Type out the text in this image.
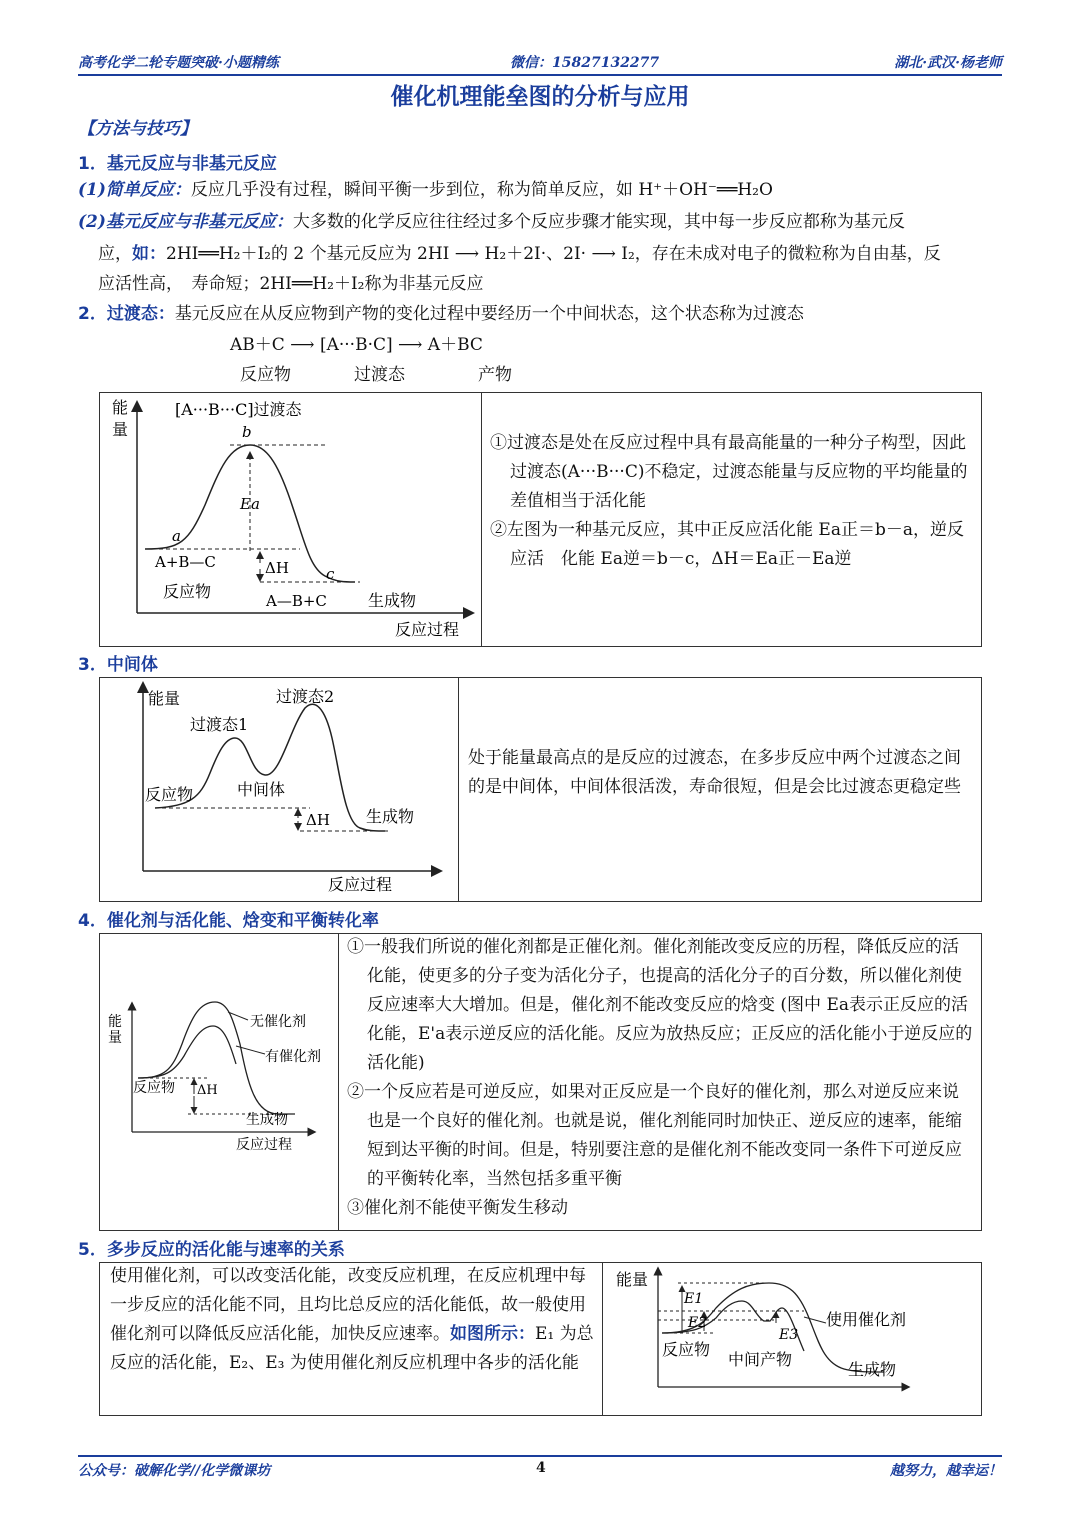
高考化学二轮专题突破·小题精练	微信：15827132277	湖北·武汉·杨老师
催化机理能垒图的分析与应用
【方法与技巧】
1．基元反应与非基元反应
(1)简单反应：反应几乎没有过程，瞬间平衡一步到位，称为简单反应，如 H⁺＋OH⁻══H₂O
(2)基元反应与非基元反应：大多数的化学反应往往经过多个反应步骤才能实现，其中每一步反应都称为基元反
应，如：2HI══H₂＋I₂的 2 个基元反应为 2HI ⟶ H₂＋2I·、2I· ⟶ I₂，存在未成对电子的微粒称为自由基，反
应活性高，　寿命短；2HI══H₂＋I₂称为非基元反应
2．过渡态：基元反应在从反应物到产物的变化过程中要经历一个中间状态，这个状态称为过渡态
AB＋C ⟶ [A···B·C] ⟶ A＋BC
反应物	过渡态	产物
能
量
反应过程
[A···B···C]过渡态
b
a
c
Ea
ΔH
A+B—C
反应物	A—B+C	生成物

①过渡态是处在反应过程中具有最高能量的一种分子构型，因此过渡态(A···B···C)不稳定，过渡态能量与反应物的平均能量的差值相当于活化能

②左图为一种基元反应，其中正反应活化能 Ea正＝b－a，逆反应活　化能 Ea逆＝b－c，ΔH＝Ea正－Ea逆

3．中间体
能量
反应过程
过渡态1
过渡态2
反应物	中间体
ΔH 生成物
处于能量最高点的是反应的过渡态，在多步反应中两个过渡态之间的是中间体，中间体很活泼，寿命很短，但是会比过渡态更稳定些
4．催化剂与活化能、焓变和平衡转化率
能
量
反应过程
无催化剂
有催化剂
反应物 ΔH
生成物

①一般我们所说的催化剂都是正催化剂。催化剂能改变反应的历程，降低反应的活化能，使更多的分子变为活化分子，也提高的活化分子的百分数，所以催化剂使反应速率大大增加。但是，催化剂不能改变反应的焓变 (图中 Ea表示正反应的活化能，E'a表示逆反应的活化能。反应为放热反应；正反应的活化能小于逆反应的活化能)

②一个反应若是可逆反应，如果对正反应是一个良好的催化剂，那么对逆反应来说也是一个良好的催化剂。也就是说，催化剂能同时加快正、逆反应的速率，能缩短到达平衡的时间。但是，特别要注意的是催化剂不能改变同一条件下可逆反应的平衡转化率，当然包括多重平衡

③催化剂不能使平衡发生移动

5．多步反应的活化能与速率的关系
使用催化剂，可以改变活化能，改变反应机理，在反应机理中每一步反应的活化能不同，且均比总反应的活化能低，故一般使用催化剂可以降低反应活化能，加快反应速率。如图所示：E₁ 为总反应的活化能，E₂、E₃ 为使用催化剂反应机理中各步的活化能
能量
E1
E2
E3
使用催化剂
反应物
中间产物
生成物
公众号：破解化学//化学微课坊	4	越努力，越幸运！
